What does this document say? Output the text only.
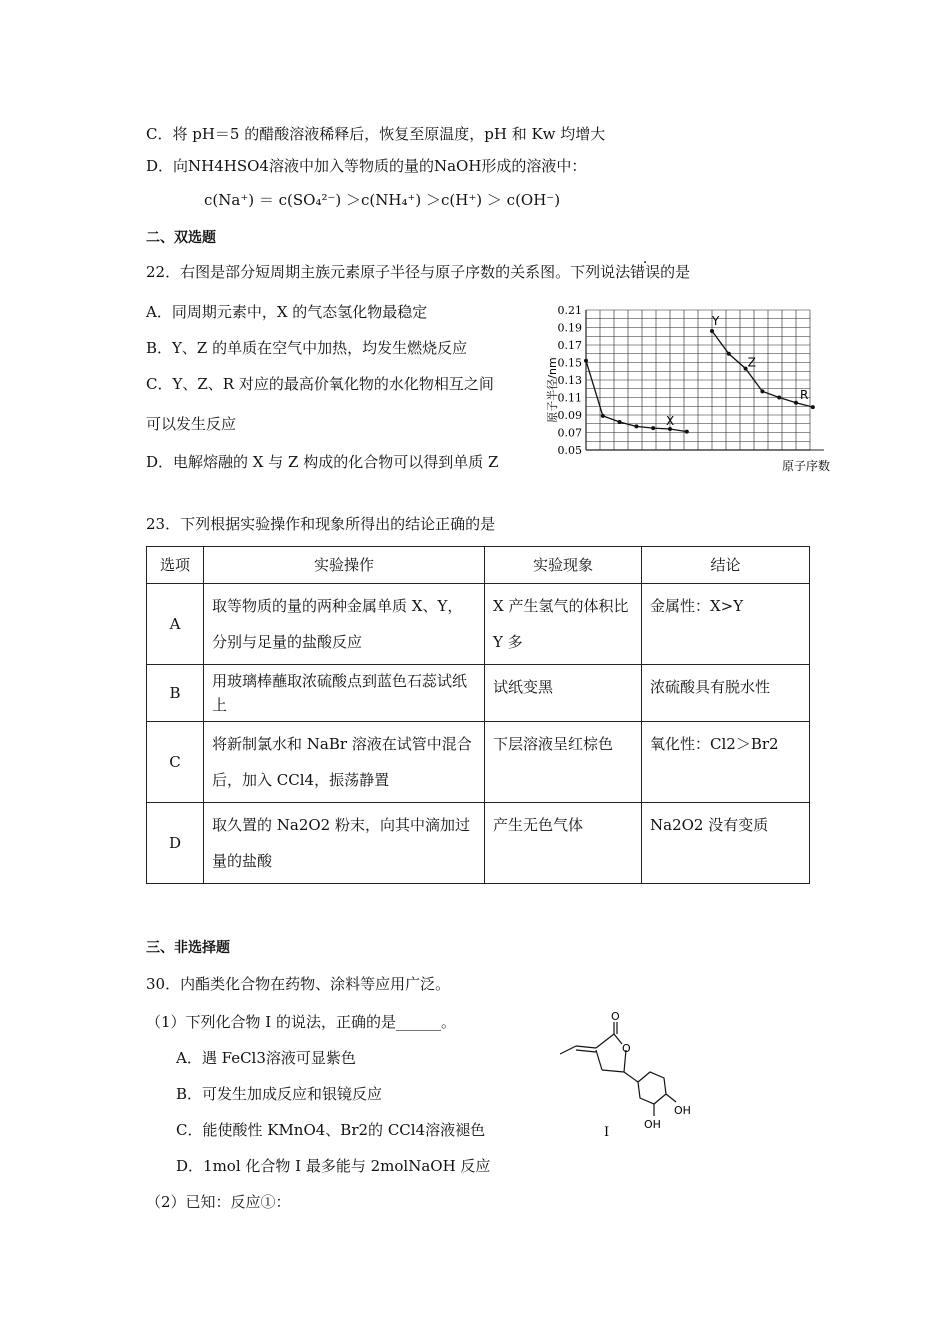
C．将 pH＝5 的醋酸溶液稀释后，恢复至原温度，pH 和 Kw 均增大
D．向NH4HSO4溶液中加入等物质的量的NaOH形成的溶液中：
c(Na⁺) ＝ c(SO₄²⁻) ＞c(NH₄⁺) ＞c(H⁺) ＞ c(OH⁻)
二、双选题
22．右图是部分短周期主族元素原子半径与原子序数的关系图。下列说法错误的是
A．同周期元素中，X 的气态氢化物最稳定
B．Y、Z 的单质在空气中加热，均发生燃烧反应
C．Y、Z、R 对应的最高价氧化物的水化物相互之间
可以发生反应
D．电解熔融的 X 与 Z 构成的化合物可以得到单质 Z
0.21
0.19
0.17
0.15
0.13
0.11
0.09
0.07
0.05
原子半径/nm
原子序数
X
Y
Z
R
23．下列根据实验操作和现象所得出的结论正确的是
选项	实验操作	实验现象	结论
A	取等物质的量的两种金属单质 X、Y，分别与足量的盐酸反应	X 产生氢气的体积比 Y 多	金属性：X>Y
B	用玻璃棒蘸取浓硫酸点到蓝色石蕊试纸上	试纸变黑	浓硫酸具有脱水性
C	将新制氯水和 NaBr 溶液在试管中混合后，加入 CCl4，振荡静置	下层溶液呈红棕色	氧化性：Cl2＞Br2
D	取久置的 Na2O2 粉末，向其中滴加过量的盐酸	产生无色气体	Na2O2 没有变质
三、非选择题
30．内酯类化合物在药物、涂料等应用广泛。
（1）下列化合物 I 的说法，正确的是______。
A．遇 FeCl3溶液可显紫色
B．可发生加成反应和银镜反应
C．能使酸性 KMnO4、Br2的 CCl4溶液褪色
D．1mol 化合物 I 最多能与 2molNaOH 反应
（2）已知：反应①：
O
O
OH
OH
I
